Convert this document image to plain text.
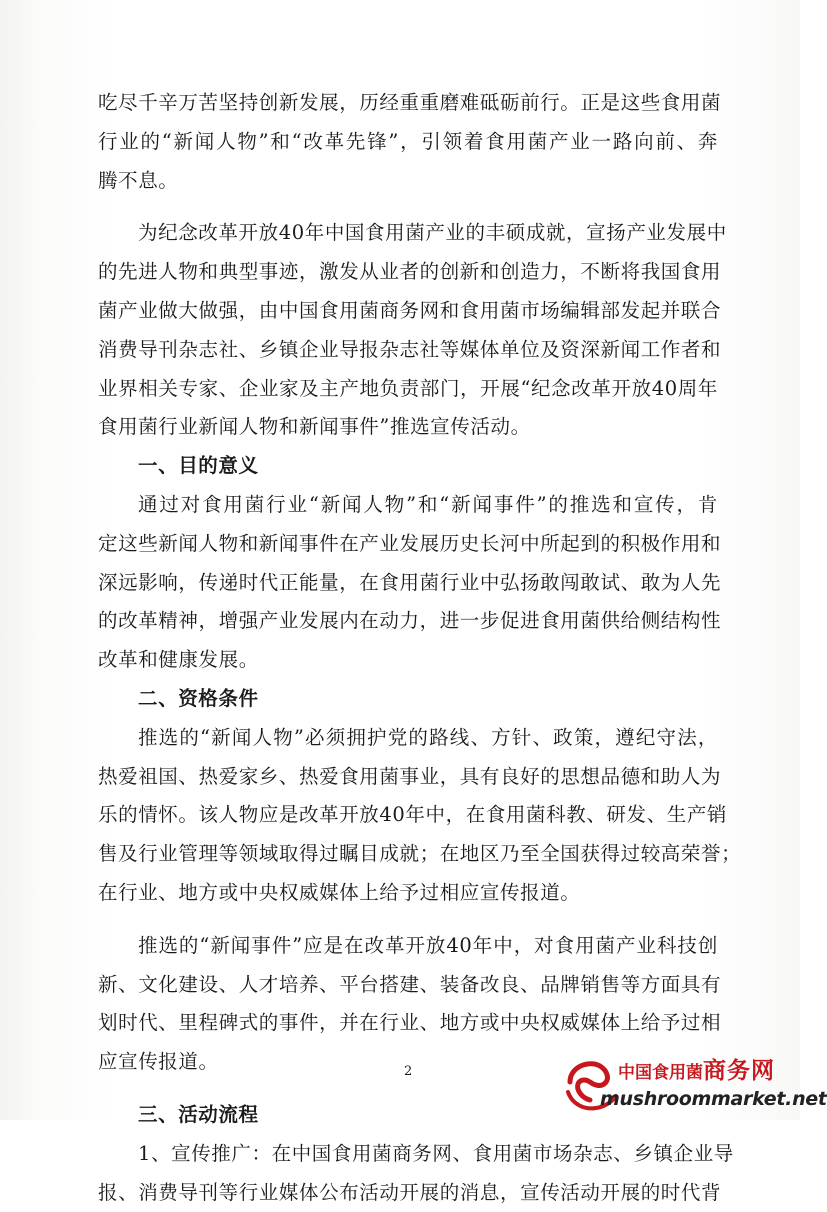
吃尽千辛万苦坚持创新发展，历经重重磨难砥砺前行。正是这些食用菌
行业的“新闻人物”和“改革先锋”，引领着食用菌产业一路向前、奔
腾不息。

为纪念改革开放40年中国食用菌产业的丰硕成就，宣扬产业发展中
的先进人物和典型事迹，激发从业者的创新和创造力，不断将我国食用
菌产业做大做强，由中国食用菌商务网和食用菌市场编辑部发起并联合
消费导刊杂志社、乡镇企业导报杂志社等媒体单位及资深新闻工作者和
业界相关专家、企业家及主产地负责部门，开展“纪念改革开放40周年
食用菌行业新闻人物和新闻事件”推选宣传活动。

一、目的意义

通过对食用菌行业“新闻人物”和“新闻事件”的推选和宣传，肯
定这些新闻人物和新闻事件在产业发展历史长河中所起到的积极作用和
深远影响，传递时代正能量，在食用菌行业中弘扬敢闯敢试、敢为人先
的改革精神，增强产业发展内在动力，进一步促进食用菌供给侧结构性
改革和健康发展。

二、资格条件

推选的“新闻人物”必须拥护党的路线、方针、政策，遵纪守法，
热爱祖国、热爱家乡、热爱食用菌事业，具有良好的思想品德和助人为
乐的情怀。该人物应是改革开放40年中，在食用菌科教、研发、生产销
售及行业管理等领域取得过瞩目成就；在地区乃至全国获得过较高荣誉；
在行业、地方或中央权威媒体上给予过相应宣传报道。

推选的“新闻事件”应是在改革开放40年中，对食用菌产业科技创
新、文化建设、人才培养、平台搭建、装备改良、品牌销售等方面具有
划时代、里程碑式的事件，并在行业、地方或中央权威媒体上给予过相
应宣传报道。

三、活动流程

1、宣传推广：在中国食用菌商务网、食用菌市场杂志、乡镇企业导
报、消费导刊等行业媒体公布活动开展的消息，宣传活动开展的时代背

2	中国食用菌商务网
mushroommarket.net
